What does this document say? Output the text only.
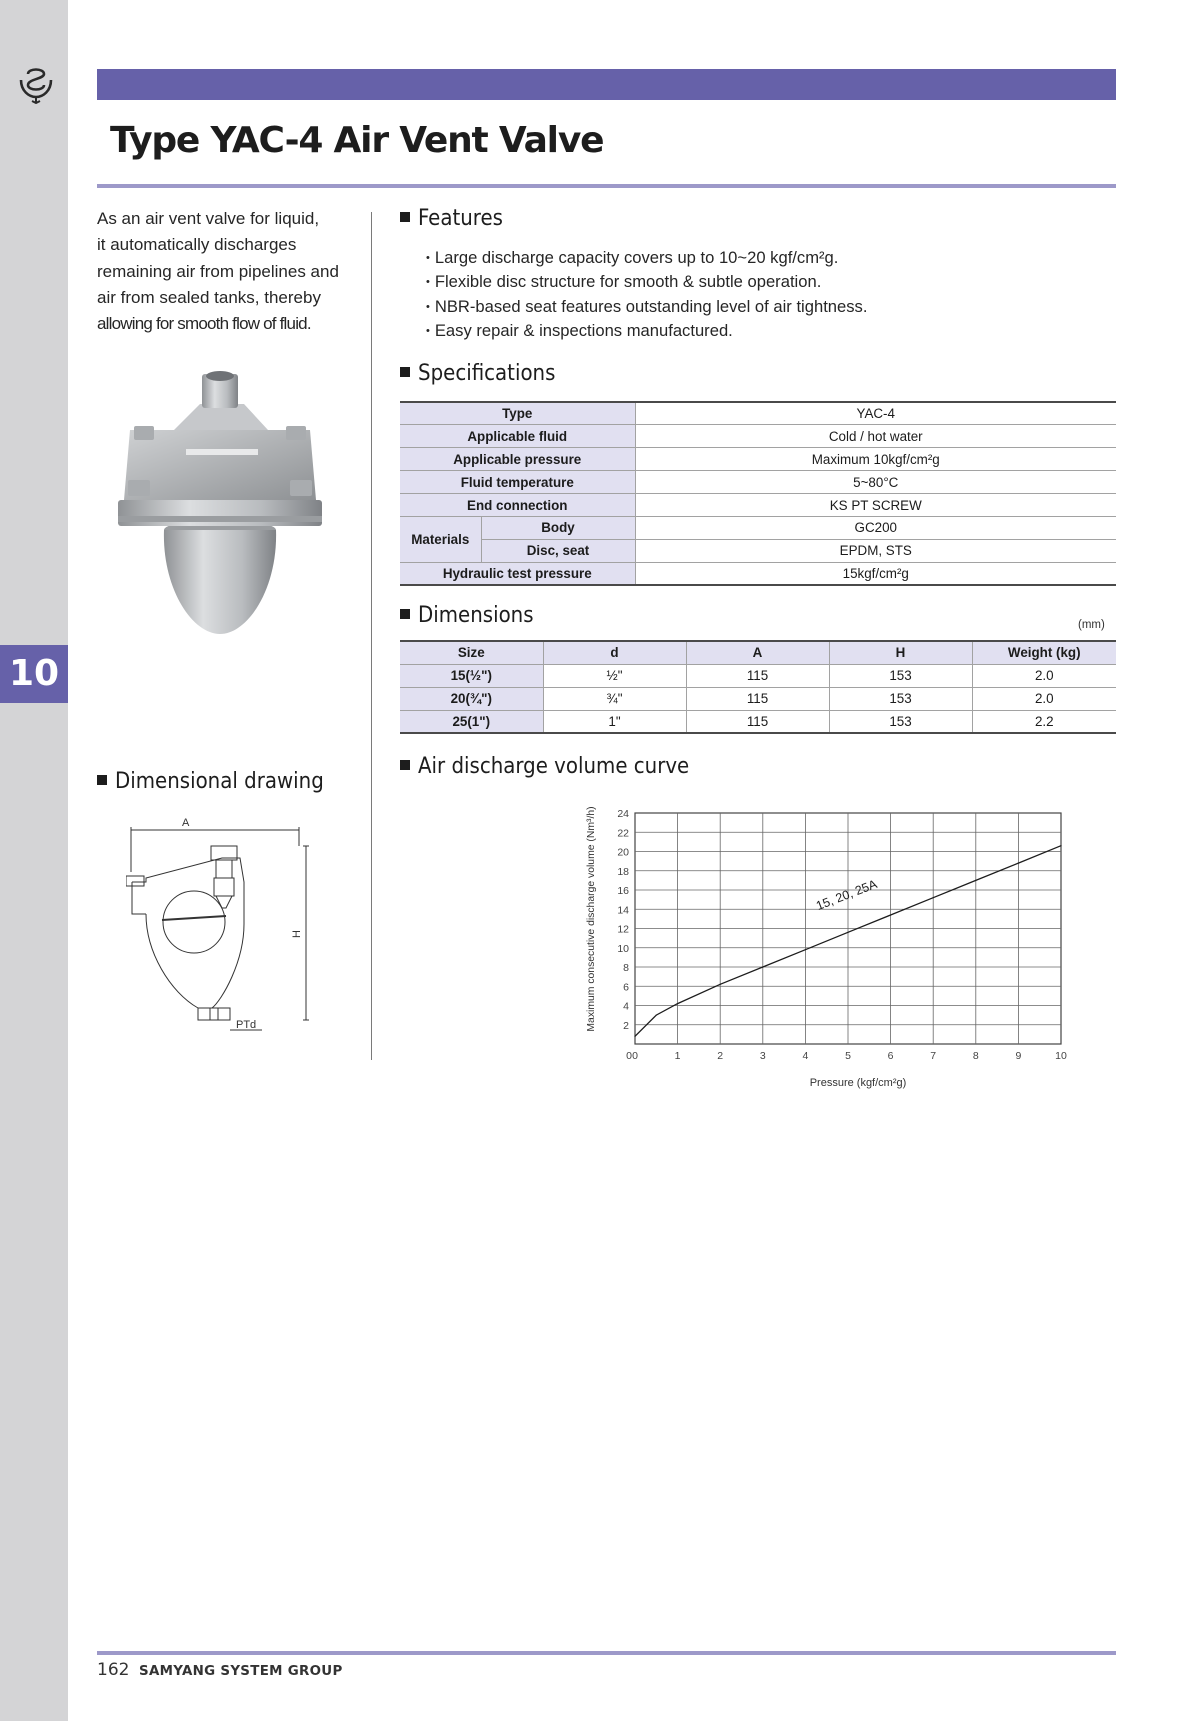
10
Type YAC-4 Air Vent Valve
As an air vent valve for liquid,
it automatically discharges
remaining air from pipelines and
air from sealed tanks, thereby
allowing for smooth flow of fluid.
Features
• Large discharge capacity covers up to 10~20 kgf/cm²g.
• Flexible disc structure for smooth & subtle operation.
• NBR-based seat features outstanding level of air tightness.
• Easy repair & inspections manufactured.
Specifications
Type		YAC-4
Applicable fluid		Cold / hot water
Applicable pressure		Maximum 10kgf/cm²g
Fluid temperature		5~80°C
End connection		KS PT SCREW
Materials	Body	GC200
	Disc, seat	EPDM, STS
Hydraulic test pressure		15kgf/cm²g
Dimensions	(mm)
Size	d	A	H	Weight (kg)
15(½")	½"	115	153	2.0
20(¾")	¾"	115	153	2.0
25(1")	1"	115	153	2.2
Dimensional drawing
A
H
PTd
Air discharge volume curve
0	1	2	3	4	5	6	7	8	9	10
2
4
6
8
10
12
14
16
18
20
22
24
0
15, 20, 25A
Pressure (kgf/cm²g)
Maximum consecutive discharge volume (Nm³/h)
162 SAMYANG SYSTEM GROUP
